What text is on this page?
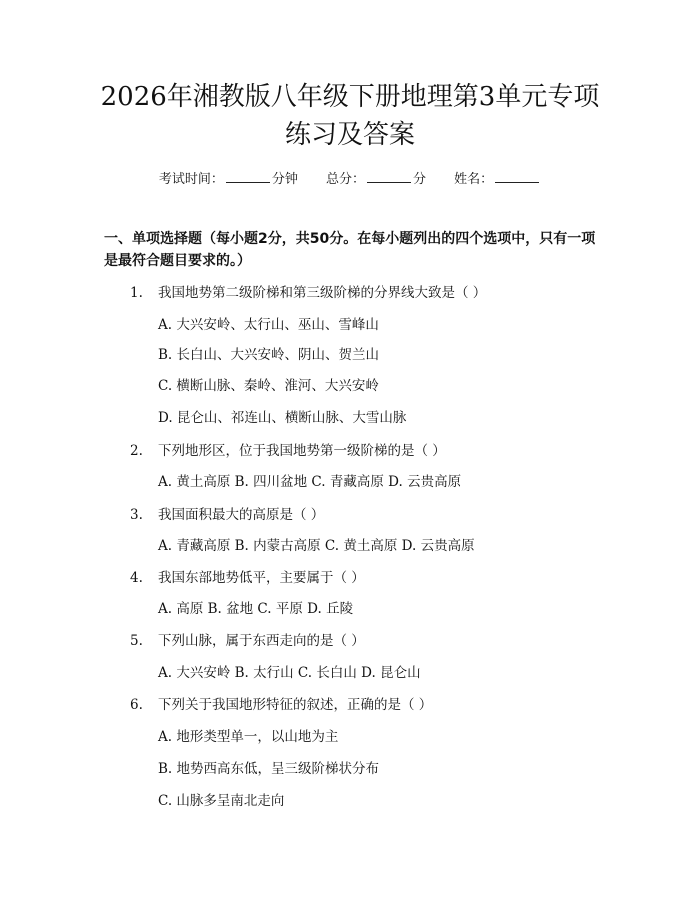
2026年湘教版八年级下册地理第3单元专项
练习及答案
考试时间：	分钟 总分：	分 姓名：
一、单项选择题（每小题2分，共50分。在每小题列出的四个选项中，只有一项是最符合题目要求的。）
1. 我国地势第二级阶梯和第三级阶梯的分界线大致是（ ）
A. 大兴安岭、太行山、巫山、雪峰山
B. 长白山、大兴安岭、阴山、贺兰山
C. 横断山脉、秦岭、淮河、大兴安岭
D. 昆仑山、祁连山、横断山脉、大雪山脉
2. 下列地形区，位于我国地势第一级阶梯的是（ ）
A. 黄土高原 B. 四川盆地 C. 青藏高原 D. 云贵高原
3. 我国面积最大的高原是（ ）
A. 青藏高原 B. 内蒙古高原 C. 黄土高原 D. 云贵高原
4. 我国东部地势低平，主要属于（ ）
A. 高原 B. 盆地 C. 平原 D. 丘陵
5. 下列山脉，属于东西走向的是（ ）
A. 大兴安岭 B. 太行山 C. 长白山 D. 昆仑山
6. 下列关于我国地形特征的叙述，正确的是（ ）
A. 地形类型单一，以山地为主
B. 地势西高东低，呈三级阶梯状分布
C. 山脉多呈南北走向
